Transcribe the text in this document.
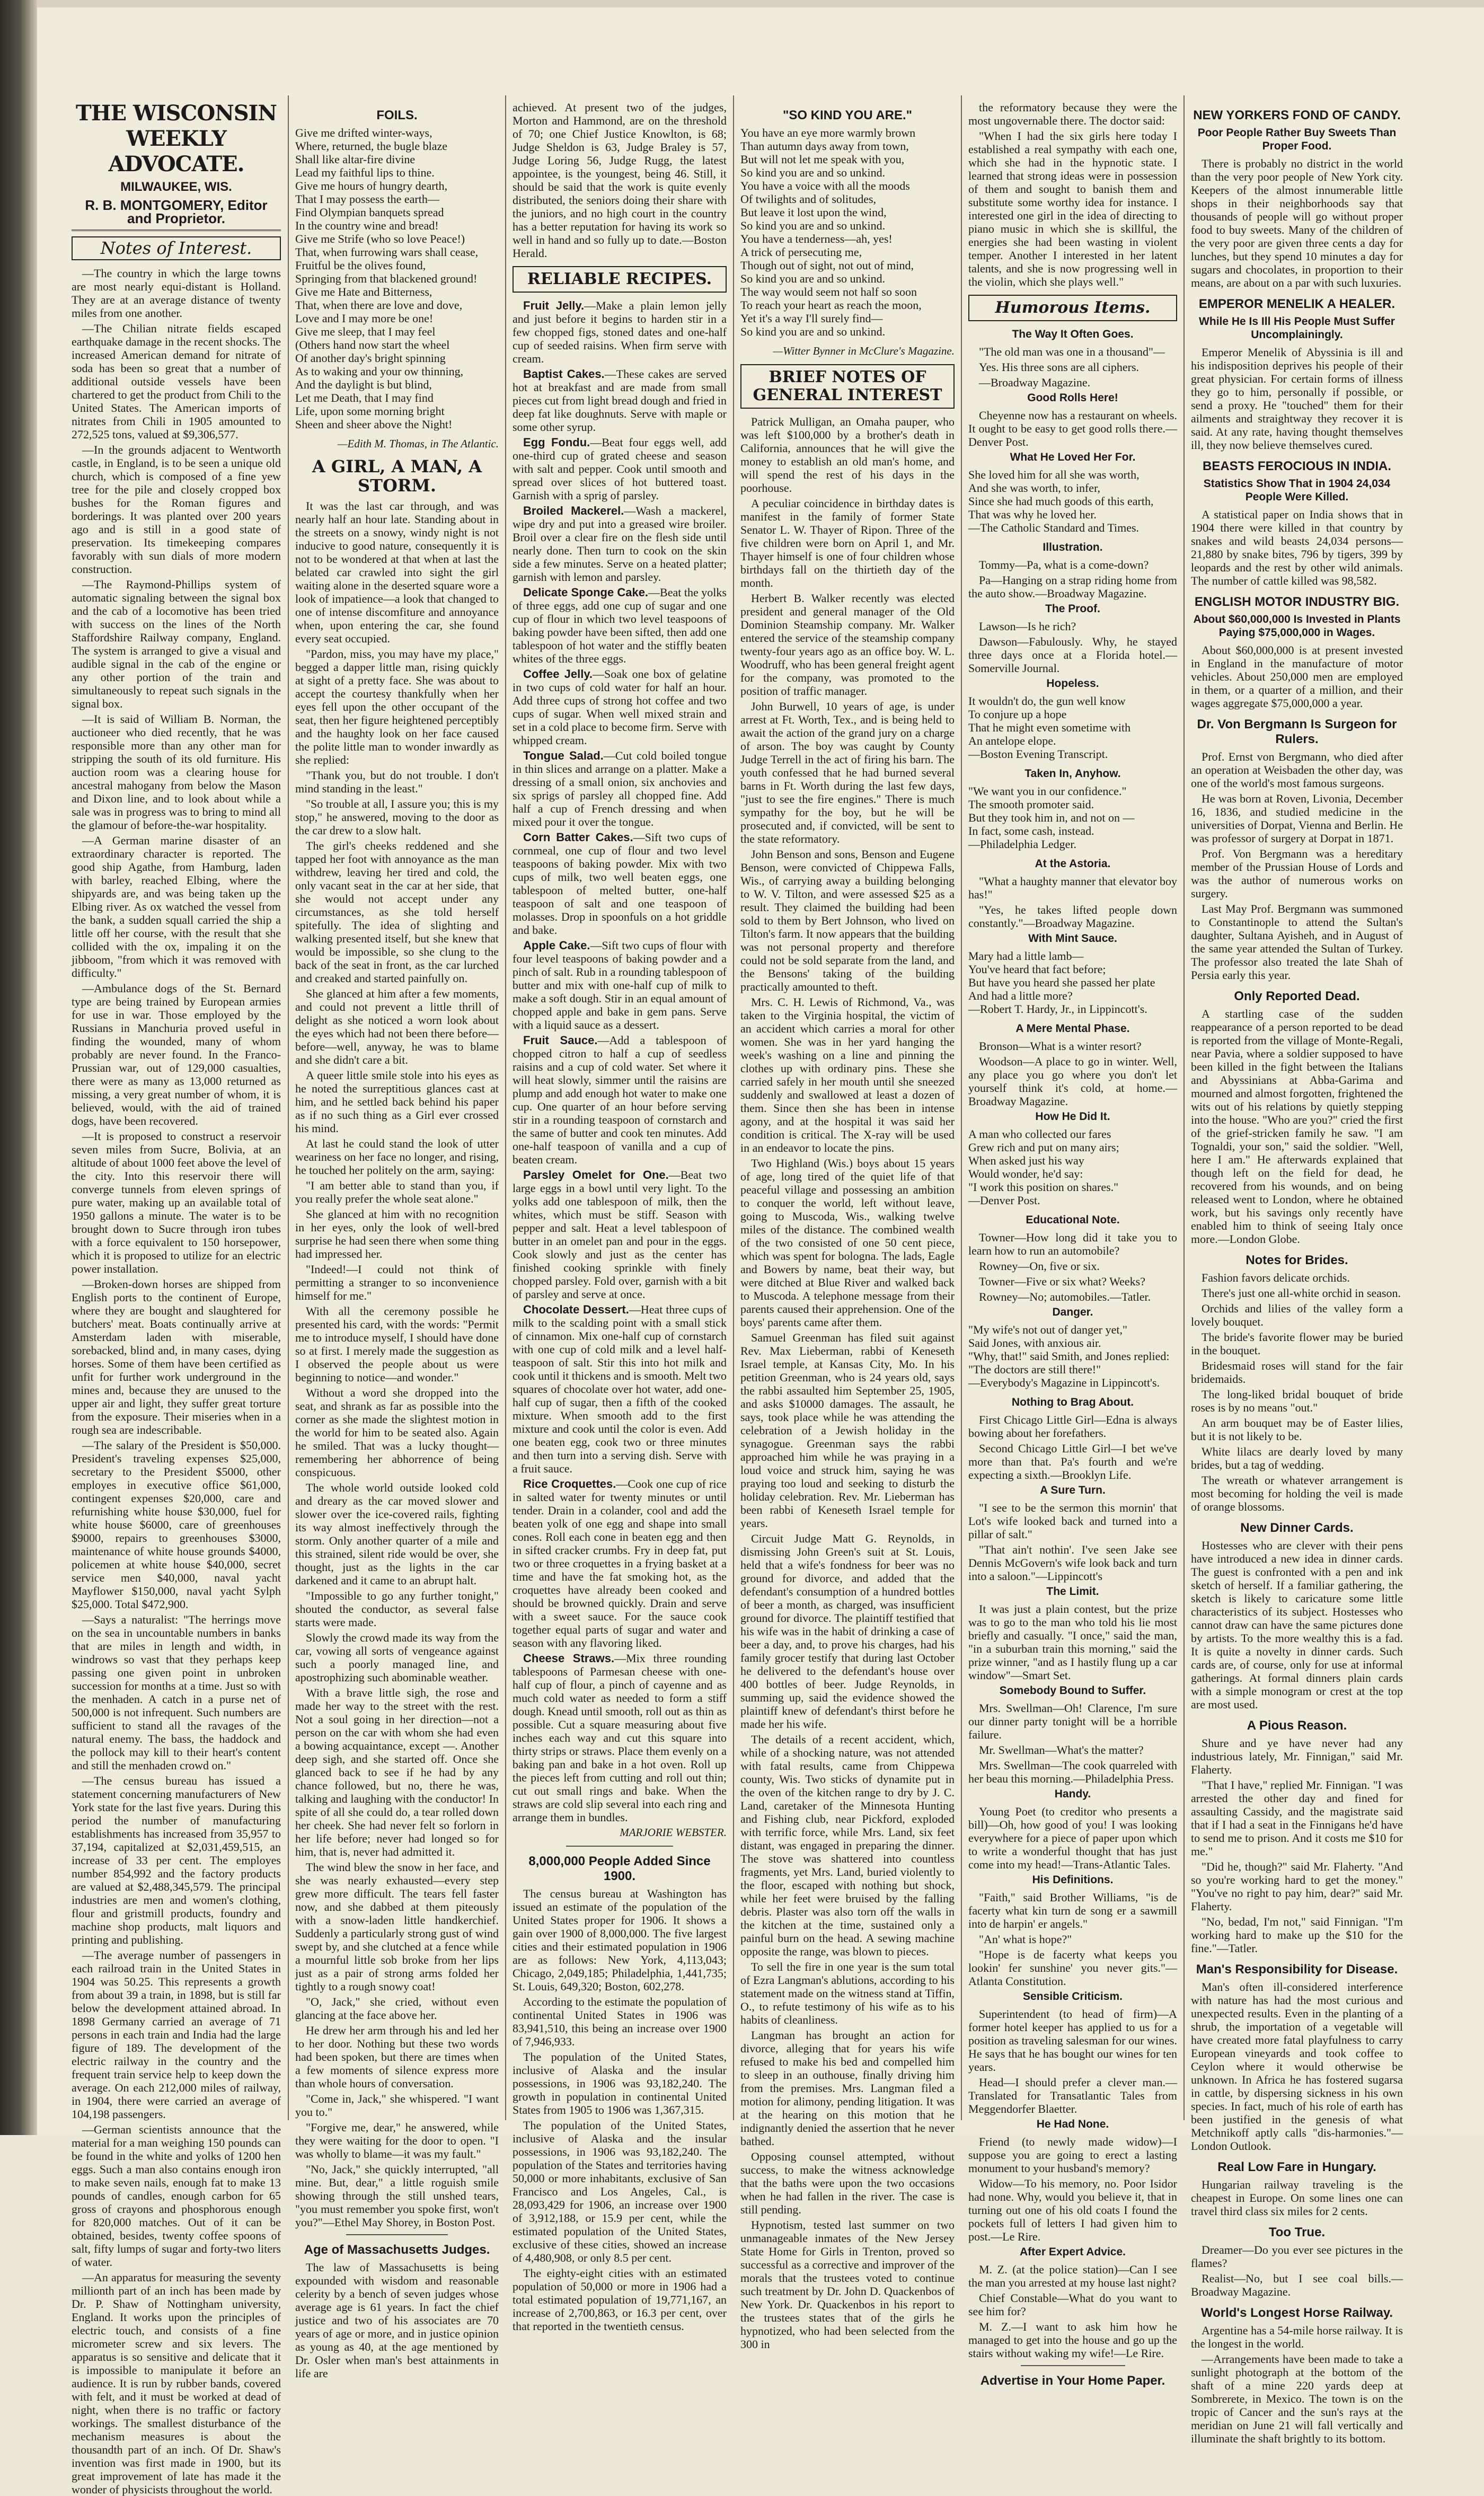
THE WISCONSIN WEEKLY ADVOCATE.
MILWAUKEE, WIS.
R. B. MONTGOMERY, Editor and Proprietor.
Notes of Interest.

—The country in which the large towns are most nearly equi-distant is Holland. They are at an average distance of twenty miles from one another.

—The Chilian nitrate fields escaped earthquake damage in the recent shocks. The increased American demand for nitrate of soda has been so great that a number of additional outside vessels have been chartered to get the product from Chili to the United States. The American imports of nitrates from Chili in 1905 amounted to 272,525 tons, valued at $9,306,577.

—In the grounds adjacent to Wentworth castle, in England, is to be seen a unique old church, which is composed of a fine yew tree for the pile and closely cropped box bushes for the Roman figures and borderings. It was planted over 200 years ago and is still in a good state of preservation. Its timekeeping compares favorably with sun dials of more modern construction.

—The Raymond-Phillips system of automatic signaling between the signal box and the cab of a locomotive has been tried with success on the lines of the North Staffordshire Railway company, England. The system is arranged to give a visual and audible signal in the cab of the engine or any other portion of the train and simultaneously to repeat such signals in the signal box.

—It is said of William B. Norman, the auctioneer who died recently, that he was responsible more than any other man for stripping the south of its old furniture. His auction room was a clearing house for ancestral mahogany from below the Mason and Dixon line, and to look about while a sale was in progress was to bring to mind all the glamour of before-the-war hospitality.

—A German marine disaster of an extraordinary character is reported. The good ship Agathe, from Hamburg, laden with barley, reached Elbing, where the shipyards are, and was being taken up the Elbing river. As ox watched the vessel from the bank, a sudden squall carried the ship a little off her course, with the result that she collided with the ox, impaling it on the jibboom, "from which it was removed with difficulty."

—Ambulance dogs of the St. Bernard type are being trained by European armies for use in war. Those employed by the Russians in Manchuria proved useful in finding the wounded, many of whom probably are never found. In the Franco-Prussian war, out of 129,000 casualties, there were as many as 13,000 returned as missing, a very great number of whom, it is believed, would, with the aid of trained dogs, have been recovered.

—It is proposed to construct a reservoir seven miles from Sucre, Bolivia, at an altitude of about 1000 feet above the level of the city. Into this reservoir there will converge tunnels from eleven springs of pure water, making up an available total of 1950 gallons a minute. The water is to be brought down to Sucre through iron tubes with a force equivalent to 150 horsepower, which it is proposed to utilize for an electric power installation.

—Broken-down horses are shipped from English ports to the continent of Europe, where they are bought and slaughtered for butchers' meat. Boats continually arrive at Amsterdam laden with miserable, sorebacked, blind and, in many cases, dying horses. Some of them have been certified as unfit for further work underground in the mines and, because they are unused to the upper air and light, they suffer great torture from the exposure. Their miseries when in a rough sea are indescribable.

—The salary of the President is $50,000. President's traveling expenses $25,000, secretary to the President $5000, other employes in executive office $61,000, contingent expenses $20,000, care and refurnishing white house $30,000, fuel for white house $6000, care of greenhouses $9000, repairs to greenhouses $3000, maintenance of white house grounds $4000, policemen at white house $40,000, secret service men $40,000, naval yacht Mayflower $150,000, naval yacht Sylph $25,000. Total $472,900.

—Says a naturalist: "The herrings move on the sea in uncountable numbers in banks that are miles in length and width, in windrows so vast that they perhaps keep passing one given point in unbroken succession for months at a time. Just so with the menhaden. A catch in a purse net of 500,000 is not infrequent. Such numbers are sufficient to stand all the ravages of the natural enemy. The bass, the haddock and the pollock may kill to their heart's content and still the menhaden crowd on."

—The census bureau has issued a statement concerning manufacturers of New York state for the last five years. During this period the number of manufacturing establishments has increased from 35,957 to 37,194, capitalized at $2,031,459,515, an increase of 33 per cent. The employes number 854,992 and the factory products are valued at $2,488,345,579. The principal industries are men and women's clothing, flour and gristmill products, foundry and machine shop products, malt liquors and printing and publishing.

—The average number of passengers in each railroad train in the United States in 1904 was 50.25. This represents a growth from about 39 a train, in 1898, but is still far below the development attained abroad. In 1898 Germany carried an average of 71 persons in each train and India had the large figure of 189. The development of the electric railway in the country and the frequent train service help to keep down the average. On each 212,000 miles of railway, in 1904, there were carried an average of 104,198 passengers.

—German scientists announce that the material for a man weighing 150 pounds can be found in the white and yolks of 1200 hen eggs. Such a man also contains enough iron to make seven nails, enough fat to make 13 pounds of candles, enough carbon for 65 gross of crayons and phosphorous enough for 820,000 matches. Out of it can be obtained, besides, twenty coffee spoons of salt, fifty lumps of sugar and forty-two liters of water.

—An apparatus for measuring the seventy millionth part of an inch has been made by Dr. P. Shaw of Nottingham university, England. It works upon the principles of electric touch, and consists of a fine micrometer screw and six levers. The apparatus is so sensitive and delicate that it is impossible to manipulate it before an audience. It is run by rubber bands, covered with felt, and it must be worked at dead of night, when there is no traffic or factory workings. The smallest disturbance of the mechanism measures is about the thousandth part of an inch. Of Dr. Shaw's invention was first made in 1900, but its great improvement of late has made it the wonder of physicists throughout the world.

FOILS.
Give me drifted winter-ways,
Where, returned, the bugle blaze
Shall like altar-fire divine
Lead my faithful lips to thine.
Give me hours of hungry dearth,
That I may possess the earth—
Find Olympian banquets spread
In the country wine and bread!
Give me Strife (who so love Peace!)
That, when furrowing wars shall cease,
Fruitful be the olives found,
Springing from that blackened ground!
Give me Hate and Bitterness,
That, when there are love and dove,
Love and I may more be one!
Give me sleep, that I may feel
(Others hand now start the wheel
Of another day's bright spinning
As to waking and your ow thinning,
And the daylight is but blind,
Let me Death, that I may find
Life, upon some morning bright
Sheen and sheer above the Night!
—Edith M. Thomas, in The Atlantic.
A GIRL, A MAN, A STORM.

It was the last car through, and was nearly half an hour late. Standing about in the streets on a snowy, windy night is not inducive to good nature, consequently it is not to be wondered at that when at last the belated car crawled into sight the girl waiting alone in the deserted square wore a look of impatience—a look that changed to one of intense discomfiture and annoyance when, upon entering the car, she found every seat occupied.

"Pardon, miss, you may have my place," begged a dapper little man, rising quickly at sight of a pretty face. She was about to accept the courtesy thankfully when her eyes fell upon the other occupant of the seat, then her figure heightened perceptibly and the haughty look on her face caused the polite little man to wonder inwardly as she replied:

"Thank you, but do not trouble. I don't mind standing in the least."

"So trouble at all, I assure you; this is my stop," he answered, moving to the door as the car drew to a slow halt.

The girl's cheeks reddened and she tapped her foot with annoyance as the man withdrew, leaving her tired and cold, the only vacant seat in the car at her side, that she would not accept under any circumstances, as she told herself spitefully. The idea of slighting and walking presented itself, but she knew that would be impossible, so she clung to the back of the seat in front, as the car lurched and creaked and started painfully on.

She glanced at him after a few moments, and could not prevent a little thrill of delight as she noticed a worn look about the eyes which had not been there before—before—well, anyway, he was to blame and she didn't care a bit.

A queer little smile stole into his eyes as he noted the surreptitious glances cast at him, and he settled back behind his paper as if no such thing as a Girl ever crossed his mind.

At last he could stand the look of utter weariness on her face no longer, and rising, he touched her politely on the arm, saying:

"I am better able to stand than you, if you really prefer the whole seat alone."

She glanced at him with no recognition in her eyes, only the look of well-bred surprise he had seen there when some thing had impressed her.

"Indeed!—I could not think of permitting a stranger to so inconvenience himself for me."

With all the ceremony possible he presented his card, with the words: "Permit me to introduce myself, I should have done so at first. I merely made the suggestion as I observed the people about us were beginning to notice—and wonder."

Without a word she dropped into the seat, and shrank as far as possible into the corner as she made the slightest motion in the world for him to be seated also. Again he smiled. That was a lucky thought—remembering her abhorrence of being conspicuous.

The whole world outside looked cold and dreary as the car moved slower and slower over the ice-covered rails, fighting its way almost ineffectively through the storm. Only another quarter of a mile and this strained, silent ride would be over, she thought, just as the lights in the car darkened and it came to an abrupt halt.

"Impossible to go any further tonight," shouted the conductor, as several false starts were made.

Slowly the crowd made its way from the car, vowing all sorts of vengeance against such a poorly managed line, and apostrophizing such abominable weather.

With a brave little sigh, the rose and made her way to the street with the rest. Not a soul going in her direction—not a person on the car with whom she had even a bowing acquaintance, except —. Another deep sigh, and she started off. Once she glanced back to see if he had by any chance followed, but no, there he was, talking and laughing with the conductor! In spite of all she could do, a tear rolled down her cheek. She had never felt so forlorn in her life before; never had longed so for him, that is, never had admitted it.

The wind blew the snow in her face, and she was nearly exhausted—every step grew more difficult. The tears fell faster now, and she dabbed at them piteously with a snow-laden little handkerchief. Suddenly a particularly strong gust of wind swept by, and she clutched at a fence while a mournful little sob broke from her lips just as a pair of strong arms folded her tightly to a rough snowy coat!

"O, Jack," she cried, without even glancing at the face above her.

He drew her arm through his and led her to her door. Nothing but these two words had been spoken, but there are times when a few moments of silence express more than whole hours of conversation.

"Come in, Jack," she whispered. "I want you to."

"Forgive me, dear," he answered, while they were waiting for the door to open. "I was wholly to blame—it was my fault."

"No, Jack," she quickly interrupted, "all mine. But, dear," a little roguish smile showing through the still unshed tears, "you must remember you spoke first, won't you?"—Ethel May Shorey, in Boston Post.

Age of Massachusetts Judges.

The law of Massachusetts is being expounded with wisdom and reasonable celerity by a bench of seven judges whose average age is 61 years. In fact the chief justice and two of his associates are 70 years of age or more, and in justice opinion as young as 40, at the age mentioned by Dr. Osler when man's best attainments in life are

achieved. At present two of the judges, Morton and Hammond, are on the threshold of 70; one Chief Justice Knowlton, is 68; Judge Sheldon is 63, Judge Braley is 57, Judge Loring 56, Judge Rugg, the latest appointee, is the youngest, being 46. Still, it should be said that the work is quite evenly distributed, the seniors doing their share with the juniors, and no high court in the country has a better reputation for having its work so well in hand and so fully up to date.—Boston Herald.

RELIABLE RECIPES.

Fruit Jelly.—Make a plain lemon jelly and just before it begins to harden stir in a few chopped figs, stoned dates and one-half cup of seeded raisins. When firm serve with cream.

Baptist Cakes.—These cakes are served hot at breakfast and are made from small pieces cut from light bread dough and fried in deep fat like doughnuts. Serve with maple or some other syrup.

Egg Fondu.—Beat four eggs well, add one-third cup of grated cheese and season with salt and pepper. Cook until smooth and spread over slices of hot buttered toast. Garnish with a sprig of parsley.

Broiled Mackerel.—Wash a mackerel, wipe dry and put into a greased wire broiler. Broil over a clear fire on the flesh side until nearly done. Then turn to cook on the skin side a few minutes. Serve on a heated platter; garnish with lemon and parsley.

Delicate Sponge Cake.—Beat the yolks of three eggs, add one cup of sugar and one cup of flour in which two level teaspoons of baking powder have been sifted, then add one tablespoon of hot water and the stiffly beaten whites of the three eggs.

Coffee Jelly.—Soak one box of gelatine in two cups of cold water for half an hour. Add three cups of strong hot coffee and two cups of sugar. When well mixed strain and set in a cold place to become firm. Serve with whipped cream.

Tongue Salad.—Cut cold boiled tongue in thin slices and arrange on a platter. Make a dressing of a small onion, six anchovies and six sprigs of parsley all chopped fine. Add half a cup of French dressing and when mixed pour it over the tongue.

Corn Batter Cakes.—Sift two cups of cornmeal, one cup of flour and two level teaspoons of baking powder. Mix with two cups of milk, two well beaten eggs, one tablespoon of melted butter, one-half teaspoon of salt and one teaspoon of molasses. Drop in spoonfuls on a hot griddle and bake.

Apple Cake.—Sift two cups of flour with four level teaspoons of baking powder and a pinch of salt. Rub in a rounding tablespoon of butter and mix with one-half cup of milk to make a soft dough. Stir in an equal amount of chopped apple and bake in gem pans. Serve with a liquid sauce as a dessert.

Fruit Sauce.—Add a tablespoon of chopped citron to half a cup of seedless raisins and a cup of cold water. Set where it will heat slowly, simmer until the raisins are plump and add enough hot water to make one cup. One quarter of an hour before serving stir in a rounding teaspoon of cornstarch and the same of butter and cook ten minutes. Add one-half teaspoon of vanilla and a cup of beaten cream.

Parsley Omelet for One.—Beat two large eggs in a bowl until very light. To the yolks add one tablespoon of milk, then the whites, which must be stiff. Season with pepper and salt. Heat a level tablespoon of butter in an omelet pan and pour in the eggs. Cook slowly and just as the center has finished cooking sprinkle with finely chopped parsley. Fold over, garnish with a bit of parsley and serve at once.

Chocolate Dessert.—Heat three cups of milk to the scalding point with a small stick of cinnamon. Mix one-half cup of cornstarch with one cup of cold milk and a level half-teaspoon of salt. Stir this into hot milk and cook until it thickens and is smooth. Melt two squares of chocolate over hot water, add one-half cup of sugar, then a fifth of the cooked mixture. When smooth add to the first mixture and cook until the color is even. Add one beaten egg, cook two or three minutes and then turn into a serving dish. Serve with a fruit sauce.

Rice Croquettes.—Cook one cup of rice in salted water for twenty minutes or until tender. Drain in a colander, cool and add the beaten yolk of one egg and shape into small cones. Roll each cone in beaten egg and then in sifted cracker crumbs. Fry in deep fat, put two or three croquettes in a frying basket at a time and have the fat smoking hot, as the croquettes have already been cooked and should be browned quickly. Drain and serve with a sweet sauce. For the sauce cook together equal parts of sugar and water and season with any flavoring liked.

Cheese Straws.—Mix three rounding tablespoons of Parmesan cheese with one-half cup of flour, a pinch of cayenne and as much cold water as needed to form a stiff dough. Knead until smooth, roll out as thin as possible. Cut a square measuring about five inches each way and cut this square into thirty strips or straws. Place them evenly on a baking pan and bake in a hot oven. Roll up the pieces left from cutting and roll out thin; cut out small rings and bake. When the straws are cold slip several into each ring and arrange them in bundles.

MARJORIE WEBSTER.
8,000,000 People Added Since 1900.

The census bureau at Washington has issued an estimate of the population of the United States proper for 1906. It shows a gain over 1900 of 8,000,000. The five largest cities and their estimated population in 1906 are as follows: New York, 4,113,043; Chicago, 2,049,185; Philadelphia, 1,441,735; St. Louis, 649,320; Boston, 602,278.

According to the estimate the population of continental United States in 1906 was 83,941,510, this being an increase over 1900 of 7,946,933.

The population of the United States, inclusive of Alaska and the insular possessions, in 1906 was 93,182,240. The growth in population in continental United States from 1905 to 1906 was 1,367,315.

The population of the United States, inclusive of Alaska and the insular possessions, in 1906 was 93,182,240. The population of the States and territories having 50,000 or more inhabitants, exclusive of San Francisco and Los Angeles, Cal., is 28,093,429 for 1906, an increase over 1900 of 3,912,188, or 15.9 per cent, while the estimated population of the United States, exclusive of these cities, showed an increase of 4,480,908, or only 8.5 per cent.

The eighty-eight cities with an estimated population of 50,000 or more in 1906 had a total estimated population of 19,771,167, an increase of 2,700,863, or 16.3 per cent, over that reported in the twentieth census.

"SO KIND YOU ARE."
You have an eye more warmly brown
Than autumn days away from town,
But will not let me speak with you,
So kind you are and so unkind.
You have a voice with all the moods
Of twilights and of solitudes,
But leave it lost upon the wind,
So kind you are and so unkind.
You have a tenderness—ah, yes!
A trick of persecuting me,
Though out of sight, not out of mind,
So kind you are and so unkind.
The way would seem not half so soon
To reach your heart as reach the moon,
Yet it's a way I'll surely find—
So kind you are and so unkind.
—Witter Bynner in McClure's Magazine.
BRIEF NOTES OF GENERAL INTEREST

Patrick Mulligan, an Omaha pauper, who was left $100,000 by a brother's death in California, announces that he will give the money to establish an old man's home, and will spend the rest of his days in the poorhouse.

A peculiar coincidence in birthday dates is manifest in the family of former State Senator L. W. Thayer of Ripon. Three of the five children were born on April 1, and Mr. Thayer himself is one of four children whose birthdays fall on the thirtieth day of the month.

Herbert B. Walker recently was elected president and general manager of the Old Dominion Steamship company. Mr. Walker entered the service of the steamship company twenty-four years ago as an office boy. W. L. Woodruff, who has been general freight agent for the company, was promoted to the position of traffic manager.

John Burwell, 10 years of age, is under arrest at Ft. Worth, Tex., and is being held to await the action of the grand jury on a charge of arson. The boy was caught by County Judge Terrell in the act of firing his barn. The youth confessed that he had burned several barns in Ft. Worth during the last few days, "just to see the fire engines." There is much sympathy for the boy, but he will be prosecuted and, if convicted, will be sent to the state reformatory.

John Benson and sons, Benson and Eugene Benson, were convicted of Chippewa Falls, Wis., of carrying away a building belonging to W. V. Tilton, and were assessed $25 as a result. They claimed the building had been sold to them by Bert Johnson, who lived on Tilton's farm. It now appears that the building was not personal property and therefore could not be sold separate from the land, and the Bensons' taking of the building practically amounted to theft.

Mrs. C. H. Lewis of Richmond, Va., was taken to the Virginia hospital, the victim of an accident which carries a moral for other women. She was in her yard hanging the week's washing on a line and pinning the clothes up with ordinary pins. These she carried safely in her mouth until she sneezed suddenly and swallowed at least a dozen of them. Since then she has been in intense agony, and at the hospital it was said her condition is critical. The X-ray will be used in an endeavor to locate the pins.

Two Highland (Wis.) boys about 15 years of age, long tired of the quiet life of that peaceful village and possessing an ambition to conquer the world, left without leave, going to Muscoda, Wis., walking twelve miles of the distance. The combined wealth of the two consisted of one 50 cent piece, which was spent for bologna. The lads, Eagle and Bowers by name, beat their way, but were ditched at Blue River and walked back to Muscoda. A telephone message from their parents caused their apprehension. One of the boys' parents came after them.

Samuel Greenman has filed suit against Rev. Max Lieberman, rabbi of Keneseth Israel temple, at Kansas City, Mo. In his petition Greenman, who is 24 years old, says the rabbi assaulted him September 25, 1905, and asks $10000 damages. The assault, he says, took place while he was attending the celebration of a Jewish holiday in the synagogue. Greenman says the rabbi approached him while he was praying in a loud voice and struck him, saying he was praying too loud and seeking to disturb the holiday celebration. Rev. Mr. Lieberman has been rabbi of Keneseth Israel temple for years.

Circuit Judge Matt G. Reynolds, in dismissing John Green's suit at St. Louis, held that a wife's fondness for beer was no ground for divorce, and added that the defendant's consumption of a hundred bottles of beer a month, as charged, was insufficient ground for divorce. The plaintiff testified that his wife was in the habit of drinking a case of beer a day, and, to prove his charges, had his family grocer testify that during last October he delivered to the defendant's house over 400 bottles of beer. Judge Reynolds, in summing up, said the evidence showed the plaintiff knew of defendant's thirst before he made her his wife.

The details of a recent accident, which, while of a shocking nature, was not attended with fatal results, came from Chippewa county, Wis. Two sticks of dynamite put in the oven of the kitchen range to dry by J. C. Land, caretaker of the Minnesota Hunting and Fishing club, near Pickford, exploded with terrific force, while Mrs. Land, six feet distant, was engaged in preparing the dinner. The stove was shattered into countless fragments, yet Mrs. Land, buried violently to the floor, escaped with nothing but shock, while her feet were bruised by the falling debris. Plaster was also torn off the walls in the kitchen at the time, sustained only a painful burn on the head. A sewing machine opposite the range, was blown to pieces.

To sell the fire in one year is the sum total of Ezra Langman's ablutions, according to his statement made on the witness stand at Tiffin, O., to refute testimony of his wife as to his habits of cleanliness.

Langman has brought an action for divorce, alleging that for years his wife refused to make his bed and compelled him to sleep in an outhouse, finally driving him from the premises. Mrs. Langman filed a motion for alimony, pending litigation. It was at the hearing on this motion that he indignantly denied the assertion that he never bathed.

Opposing counsel attempted, without success, to make the witness acknowledge that the baths were upon the two occasions when he had fallen in the river. The case is still pending.

Hypnotism, tested last summer on two unmanageable inmates of the New Jersey State Home for Girls in Trenton, proved so successful as a corrective and improver of the morals that the trustees voted to continue such treatment by Dr. John D. Quackenbos of New York. Dr. Quackenbos in his report to the trustees states that of the girls he hypnotized, who had been selected from the 300 in

the reformatory because they were the most ungovernable there. The doctor said:

"When I had the six girls here today I established a real sympathy with each one, which she had in the hypnotic state. I learned that strong ideas were in possession of them and sought to banish them and substitute some worthy idea for instance. I interested one girl in the idea of directing to piano music in which she is skillful, the energies she had been wasting in violent temper. Another I interested in her latent talents, and she is now progressing well in the violin, which she plays well."

Humorous Items.
The Way It Often Goes.

"The old man was one in a thousand"—

Yes. His three sons are all ciphers.

—Broadway Magazine.

Good Rolls Here!

Cheyenne now has a restaurant on wheels. It ought to be easy to get good rolls there.—Denver Post.

What He Loved Her For.
She loved him for all she was worth,
And she was worth, to infer,
Since she had much goods of this earth,
That was why he loved her.
—The Catholic Standard and Times.
Illustration.

Tommy—Pa, what is a come-down?

Pa—Hanging on a strap riding home from the auto show.—Broadway Magazine.

The Proof.

Lawson—Is he rich?

Dawson—Fabulously. Why, he stayed three days once at a Florida hotel.—Somerville Journal.

Hopeless.
It wouldn't do, the gun well know
To conjure up a hope
That he might even sometime with
An antelope elope.
—Boston Evening Transcript.
Taken In, Anyhow.
"We want you in our confidence."
The smooth promoter said.
But they took him in, and not on —
In fact, some cash, instead.
—Philadelphia Ledger.
At the Astoria.

"What a haughty manner that elevator boy has!"

"Yes, he takes lifted people down constantly."—Broadway Magazine.

With Mint Sauce.
Mary had a little lamb—
You've heard that fact before;
But have you heard she passed her plate
And had a little more?
—Robert T. Hardy, Jr., in Lippincott's.
A Mere Mental Phase.

Bronson—What is a winter resort?

Woodson—A place to go in winter. Well, any place you go where you don't let yourself think it's cold, at home.—Broadway Magazine.

How He Did It.
A man who collected our fares
Grew rich and put on many airs;
When asked just his way
Would wonder, he'd say:
"I work this position on shares."
—Denver Post.
Educational Note.

Towner—How long did it take you to learn how to run an automobile?

Rowney—On, five or six.

Towner—Five or six what? Weeks?

Rowney—No; automobiles.—Tatler.

Danger.
"My wife's not out of danger yet,"
Said Jones, with anxious air.
"Why, that!" said Smith, and Jones replied:
"The doctors are still there!"
—Everybody's Magazine in Lippincott's.
Nothing to Brag About.

First Chicago Little Girl—Edna is always bowing about her forefathers.

Second Chicago Little Girl—I bet we've more than that. Pa's fourth and we're expecting a sixth.—Brooklyn Life.

A Sure Turn.

"I see to be the sermon this mornin' that Lot's wife looked back and turned into a pillar of salt."

"That ain't nothin'. I've seen Jake see Dennis McGovern's wife look back and turn into a saloon."—Lippincott's

The Limit.

It was just a plain contest, but the prize was to go to the man who told his lie most briefly and casually. "I once," said the man, "in a suburban train this morning," said the prize winner, "and as I hastily flung up a car window"—Smart Set.

Somebody Bound to Suffer.

Mrs. Swellman—Oh! Clarence, I'm sure our dinner party tonight will be a horrible failure.

Mr. Swellman—What's the matter?

Mrs. Swellman—The cook quarreled with her beau this morning.—Philadelphia Press.

Handy.

Young Poet (to creditor who presents a bill)—Oh, how good of you! I was looking everywhere for a piece of paper upon which to write a wonderful thought that has just come into my head!—Trans-Atlantic Tales.

His Definitions.

"Faith," said Brother Williams, "is de facerty what kin turn de song er a sawmill into de harpin' er angels."

"An' what is hope?"

"Hope is de facerty what keeps you lookin' fer sunshine' you never gits."—Atlanta Constitution.

Sensible Criticism.

Superintendent (to head of firm)—A former hotel keeper has applied to us for a position as traveling salesman for our wines. He says that he has bought our wines for ten years.

Head—I should prefer a clever man.—Translated for Transatlantic Tales from Meggendorfer Blaetter.

He Had None.

Friend (to newly made widow)—I suppose you are going to erect a lasting monument to your husband's memory?

Widow—To his memory, no. Poor Isidor had none. Why, would you believe it, that in turning out one of his old coats I found the pockets full of letters I had given him to post.—Le Rire.

After Expert Advice.

M. Z. (at the police station)—Can I see the man you arrested at my house last night?

Chief Constable—What do you want to see him for?

M. Z.—I want to ask him how he managed to get into the house and go up the stairs without waking my wife!—Le Rire.

Advertise in Your Home Paper.
NEW YORKERS FOND OF CANDY.
Poor People Rather Buy Sweets Than Proper Food.

There is probably no district in the world than the very poor people of New York city. Keepers of the almost innumerable little shops in their neighborhoods say that thousands of people will go without proper food to buy sweets. Many of the children of the very poor are given three cents a day for lunches, but they spend 10 minutes a day for sugars and chocolates, in proportion to their means, are about on a par with such luxuries.

EMPEROR MENELIK A HEALER.
While He Is Ill His People Must Suffer Uncomplainingly.

Emperor Menelik of Abyssinia is ill and his indisposition deprives his people of their great physician. For certain forms of illness they go to him, personally if possible, or send a proxy. He "touched" them for their ailments and straightway they recover it is said. At any rate, having thought themselves ill, they now believe themselves cured.

BEASTS FEROCIOUS IN INDIA.
Statistics Show That in 1904 24,034 People Were Killed.

A statistical paper on India shows that in 1904 there were killed in that country by snakes and wild beasts 24,034 persons—21,880 by snake bites, 796 by tigers, 399 by leopards and the rest by other wild animals. The number of cattle killed was 98,582.

ENGLISH MOTOR INDUSTRY BIG.
About $60,000,000 Is Invested in Plants Paying $75,000,000 in Wages.

About $60,000,000 is at present invested in England in the manufacture of motor vehicles. About 250,000 men are employed in them, or a quarter of a million, and their wages aggregate $75,000,000 a year.

Dr. Von Bergmann Is Surgeon for Rulers.

Prof. Ernst von Bergmann, who died after an operation at Weisbaden the other day, was one of the world's most famous surgeons.

He was born at Roven, Livonia, December 16, 1836, and studied medicine in the universities of Dorpat, Vienna and Berlin. He was professor of surgery at Dorpat in 1871.

Prof. Von Bergmann was a hereditary member of the Prussian House of Lords and was the author of numerous works on surgery.

Last May Prof. Bergmann was summoned to Constantinople to attend the Sultan's daughter, Sultana Ayisheh, and in August of the same year attended the Sultan of Turkey. The professor also treated the late Shah of Persia early this year.

Only Reported Dead.

A startling case of the sudden reappearance of a person reported to be dead is reported from the village of Monte-Regali, near Pavia, where a soldier supposed to have been killed in the fight between the Italians and Abyssinians at Abba-Garima and mourned and almost forgotten, frightened the wits out of his relations by quietly stepping into the house. "Who are you?" cried the first of the grief-stricken family he saw. "I am Tognaldi, your son," said the soldier. "Well, here I am." He afterwards explained that though left on the field for dead, he recovered from his wounds, and on being released went to London, where he obtained work, but his savings only recently have enabled him to think of seeing Italy once more.—London Globe.

Notes for Brides.

Fashion favors delicate orchids.

There's just one all-white orchid in season.

Orchids and lilies of the valley form a lovely bouquet.

The bride's favorite flower may be buried in the bouquet.

Bridesmaid roses will stand for the fair bridemaids.

The long-liked bridal bouquet of bride roses is by no means "out."

An arm bouquet may be of Easter lilies, but it is not likely to be.

White lilacs are dearly loved by many brides, but a tag of wedding.

The wreath or whatever arrangement is most becoming for holding the veil is made of orange blossoms.

New Dinner Cards.

Hostesses who are clever with their pens have introduced a new idea in dinner cards. The guest is confronted with a pen and ink sketch of herself. If a familiar gathering, the sketch is likely to caricature some little characteristics of its subject. Hostesses who cannot draw can have the same pictures done by artists. To the more wealthy this is a fad. It is quite a novelty in dinner cards. Such cards are, of course, only for use at informal gatherings. At formal dinners plain cards with a simple monogram or crest at the top are most used.

A Pious Reason.

Shure and ye have never had any industrious lately, Mr. Finnigan," said Mr. Flaherty.

"That I have," replied Mr. Finnigan. "I was arrested the other day and fined for assaulting Cassidy, and the magistrate said that if I had a seat in the Finnigans he'd have to send me to prison. And it costs me $10 for me."

"Did he, though?" said Mr. Flaherty. "And so you're working hard to get the money." "You've no right to pay him, dear?" said Mr. Flaherty.

"No, bedad, I'm not," said Finnigan. "I'm working hard to make up the $10 for the fine."—Tatler.

Man's Responsibility for Disease.

Man's often ill-considered interference with nature has had the most curious and unexpected results. Even in the planting of a shrub, the importation of a vegetable will have created more fatal playfulness to carry European vineyards and took coffee to Ceylon where it would otherwise be unknown. In Africa he has fostered sugarsa in cattle, by dispersing sickness in his own species. In fact, much of his role of earth has been justified in the genesis of what Metchnikoff aptly calls "dis-harmonies."—London Outlook.

Real Low Fare in Hungary.

Hungarian railway traveling is the cheapest in Europe. On some lines one can travel third class six miles for 2 cents.

Too True.

Dreamer—Do you ever see pictures in the flames?

Realist—No, but I see coal bills.—Broadway Magazine.

World's Longest Horse Railway.

Argentine has a 54-mile horse railway. It is the longest in the world.

—Arrangements have been made to take a sunlight photograph at the bottom of the shaft of a mine 220 yards deep at Sombrerete, in Mexico. The town is on the tropic of Cancer and the sun's rays at the meridian on June 21 will fall vertically and illuminate the shaft brightly to its bottom.
